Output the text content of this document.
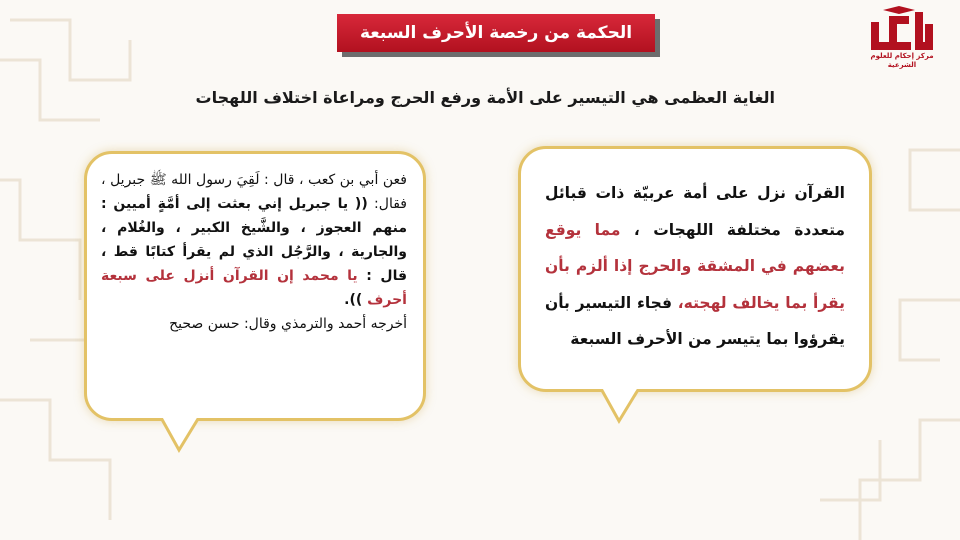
الحكمة من رخصة الأحرف السبعة
مركز إحكام للعلوم الشرعية
الغاية العظمى هي التيسير على الأمة ورفع الحرج ومراعاة اختلاف اللهجات
القرآن نزل على أمة عربيّة ذات قبائل متعددة مختلفة اللهجات ، مما يوقع بعضهم في المشقة والحرج إذا ألزم بأن يقرأ بما يخالف لهجته، فجاء التيسير بأن يقرؤوا بما يتيسر من الأحرف السبعة
فعن أبي بن كعب ، قال : لَقِيَ رسول الله ﷺ جبريل ، فقال: (( يا جبريل إني بعثت إلى أمَّةٍ أميين : منهم العجوز ، والشَّيخ الكبير ، والغُلام ، والجارية ، والرَّجُل الذي لم يقرأ كتابًا قط ، قال : يا محمد إن القرآن أنزل على سبعة أحرف )).
أخرجه أحمد والترمذي وقال: حسن صحيح
